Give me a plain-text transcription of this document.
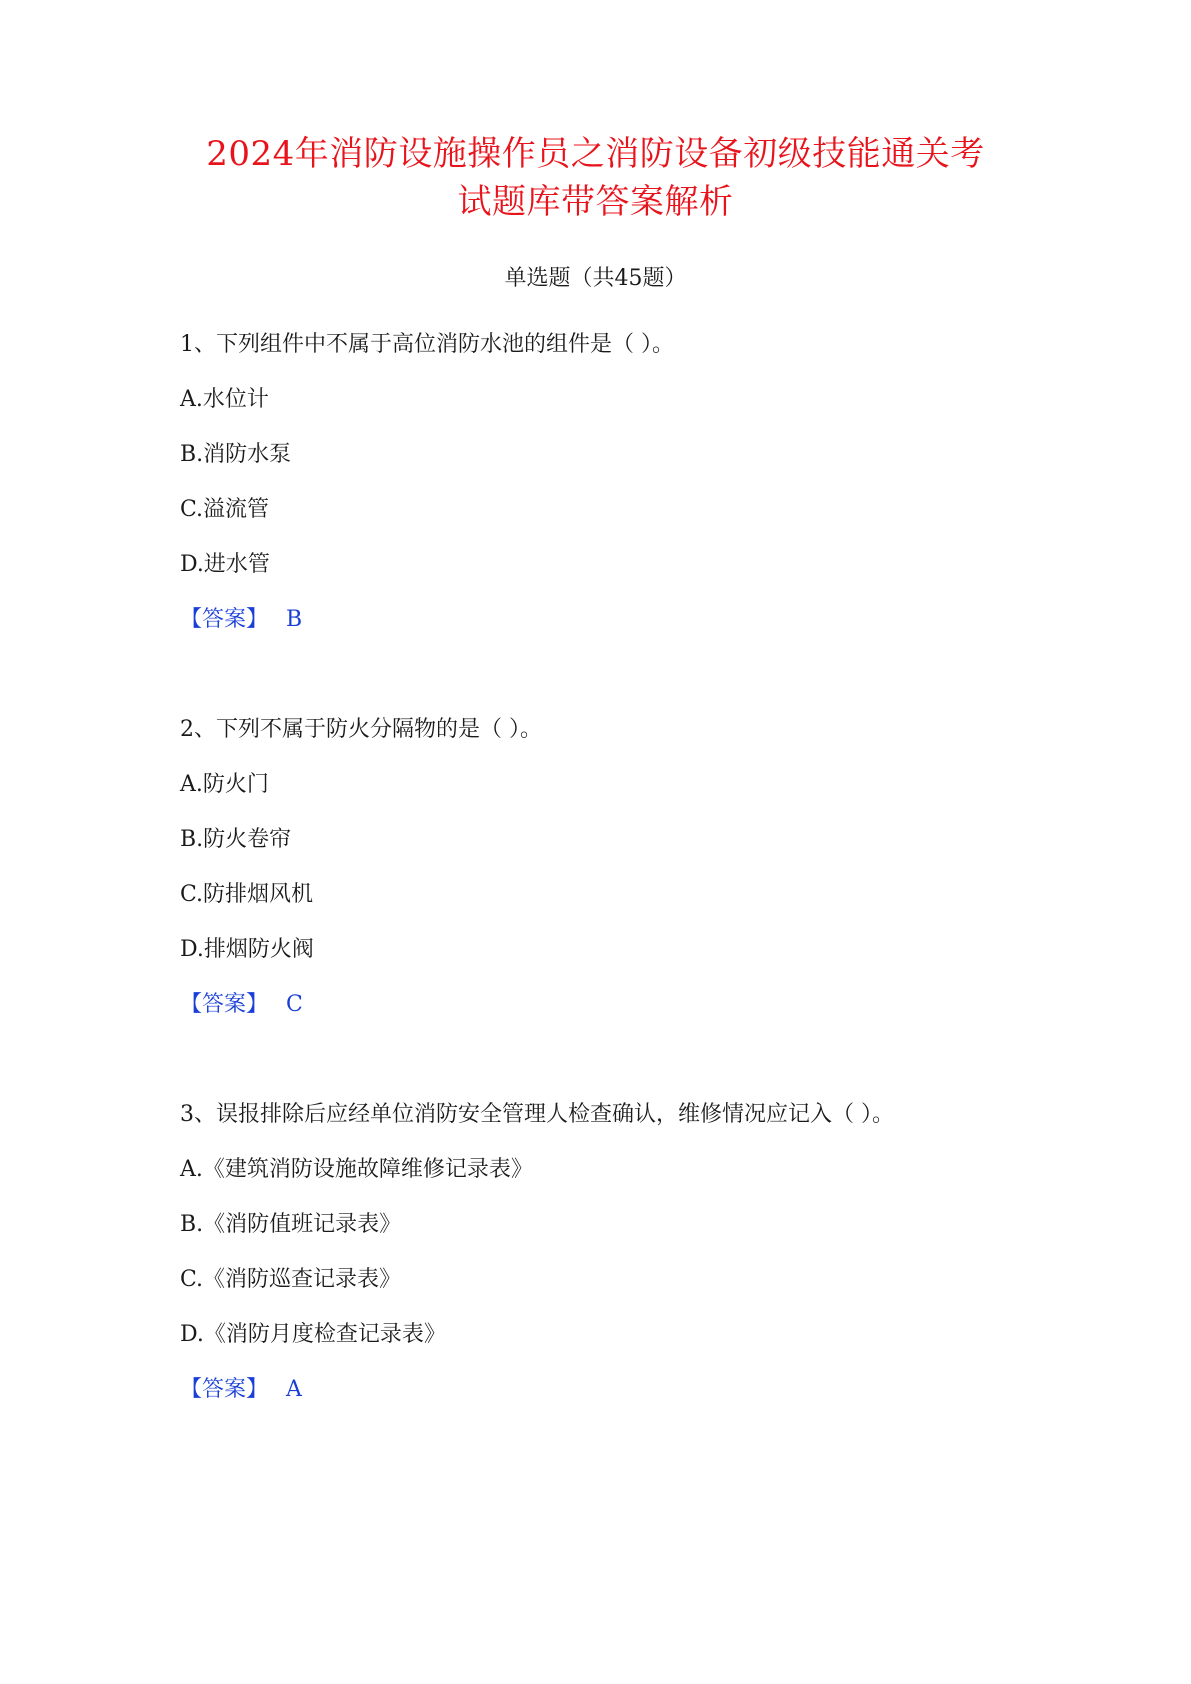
2024年消防设施操作员之消防设备初级技能通关考
试题库带答案解析
单选题（共45题）
1、下列组件中不属于高位消防水池的组件是（ ）。
A.水位计
B.消防水泵
C.溢流管
D.进水管
【答案】 B
2、下列不属于防火分隔物的是（ ）。
A.防火门
B.防火卷帘
C.防排烟风机
D.排烟防火阀
【答案】 C
3、误报排除后应经单位消防安全管理人检查确认，维修情况应记入（ ）。
A.《建筑消防设施故障维修记录表》
B.《消防值班记录表》
C.《消防巡查记录表》
D.《消防月度检查记录表》
【答案】 A
